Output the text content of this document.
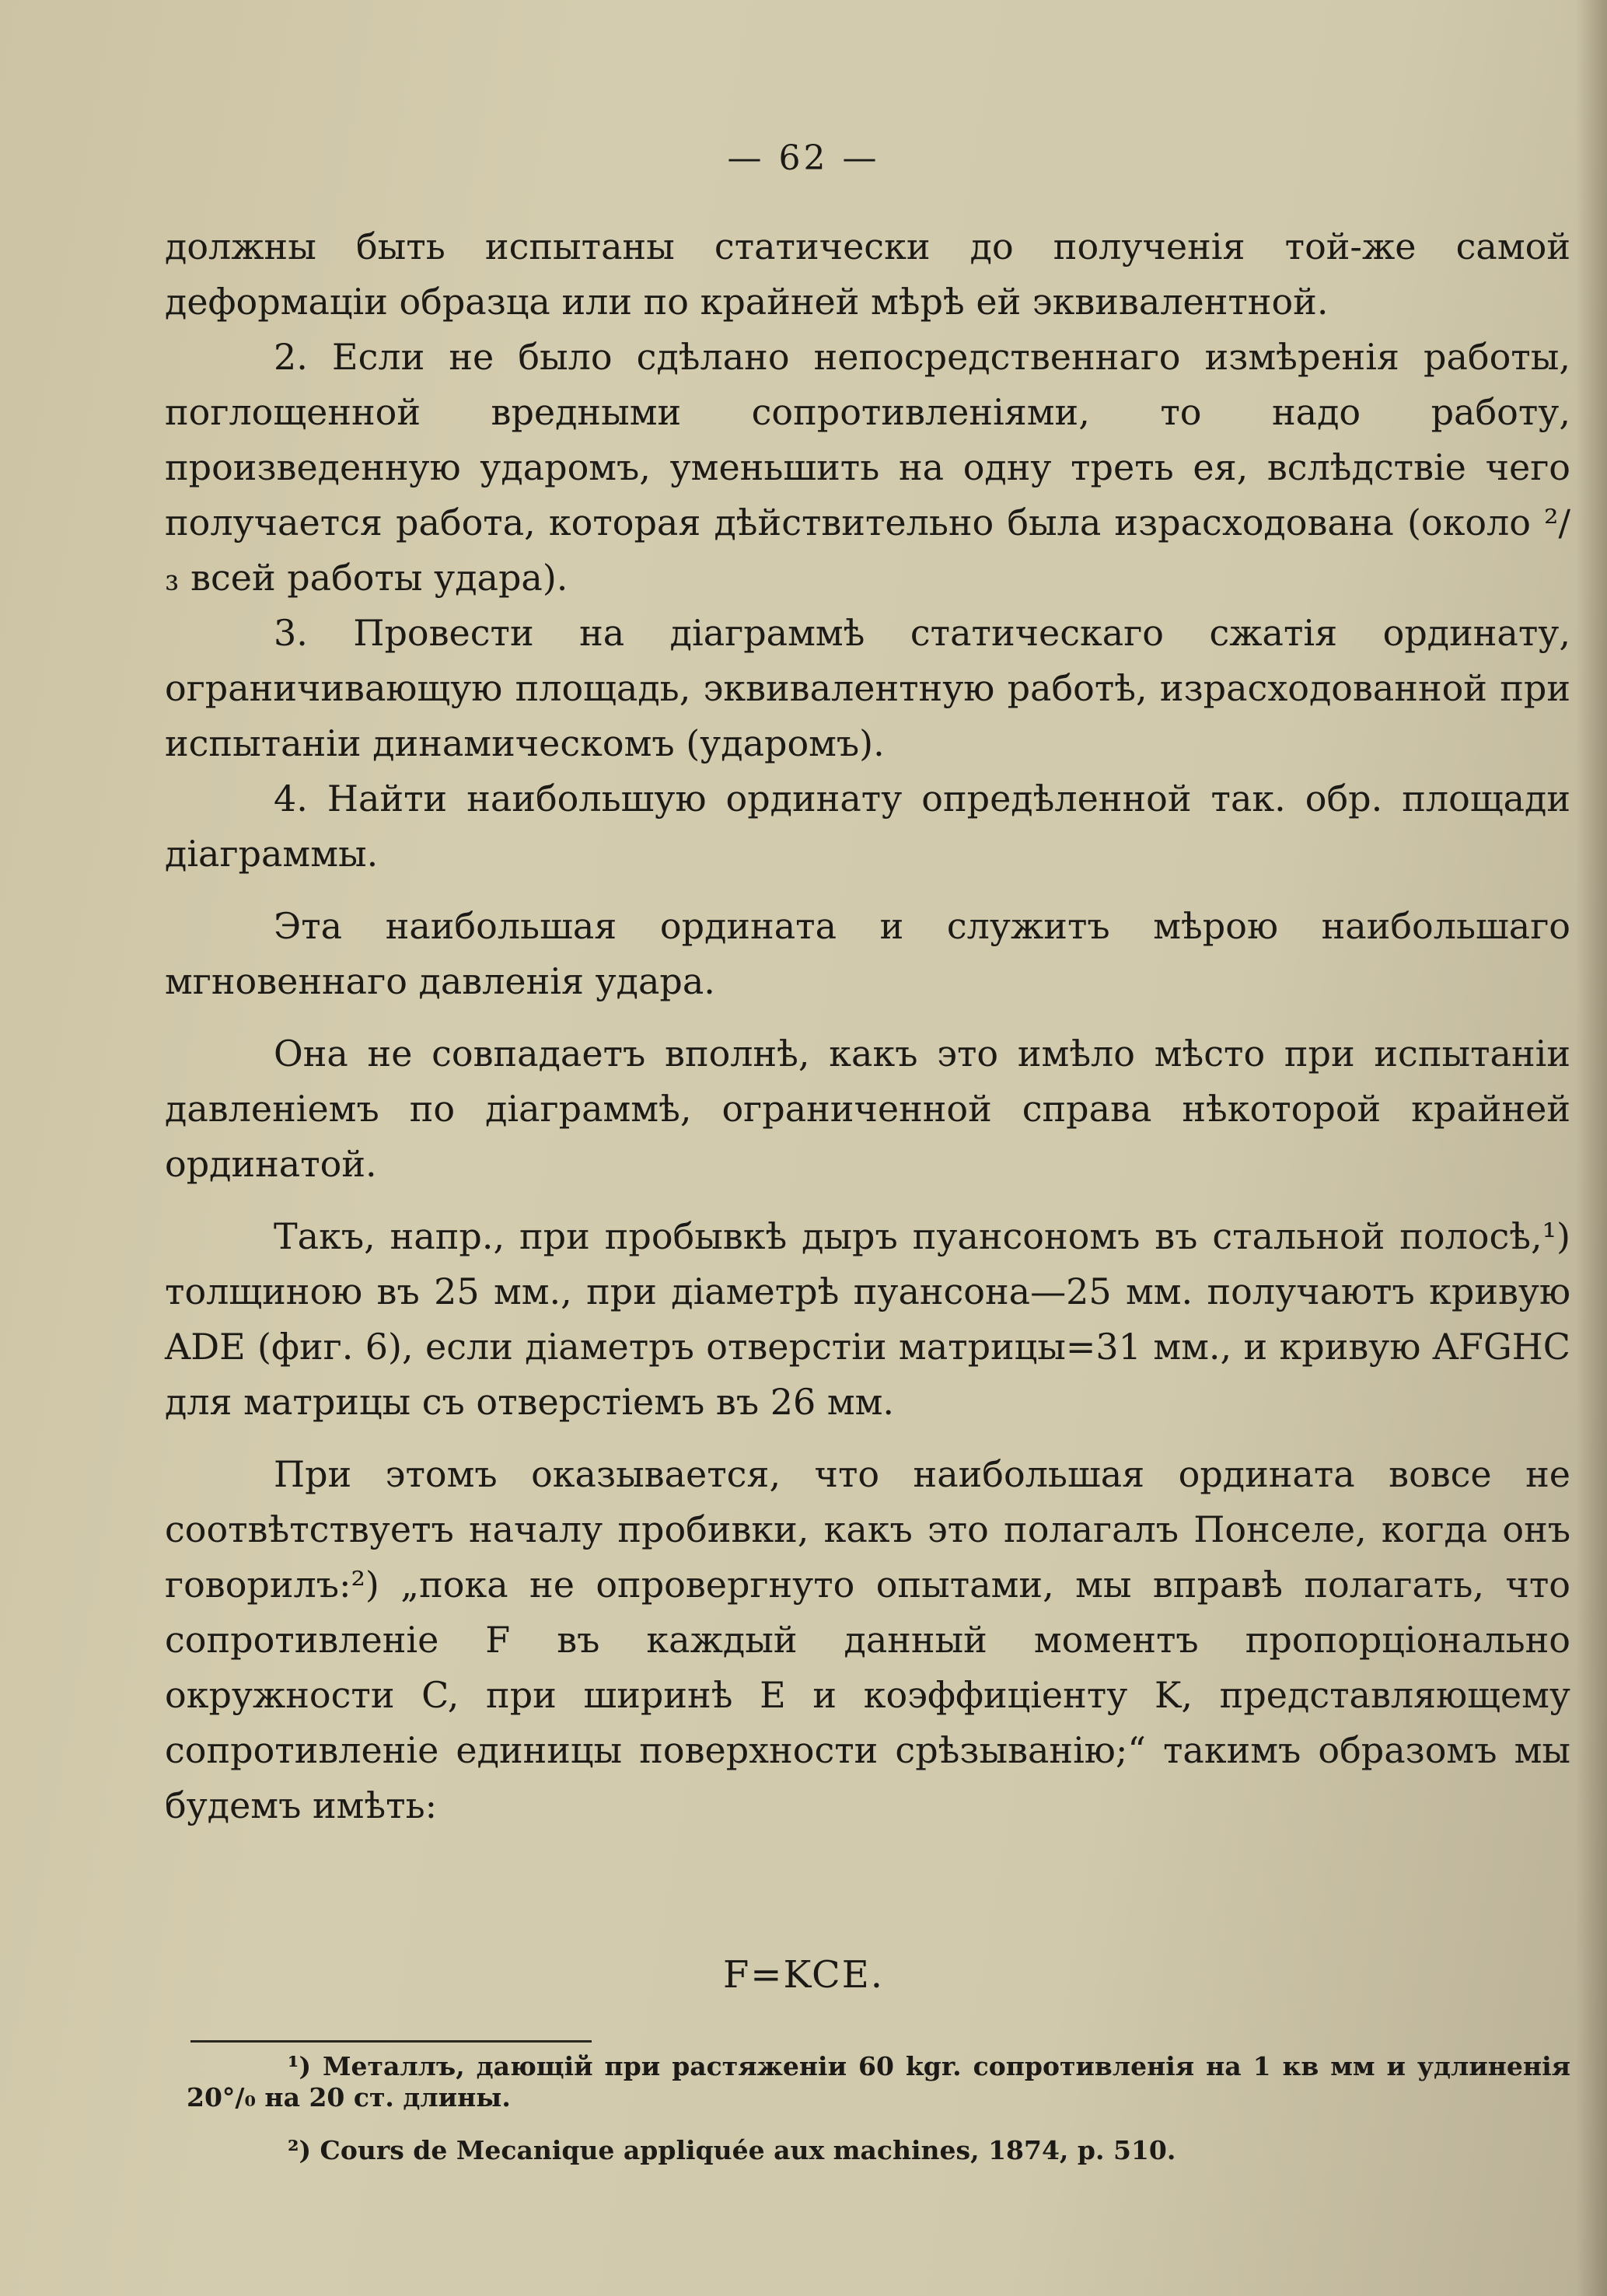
— 62 —

должны быть испытаны статически до полученія той-же самой деформаціи образца или по крайней мѣрѣ ей эквивалентной.

2. Если не было сдѣлано непосредственнаго измѣренія работы, поглощенной вредными сопротивленіями, то надо работу, произведенную ударомъ, уменьшить на одну треть ея, вслѣдствіе чего получается работа, которая дѣйствительно была израсходована (около ²/₃ всей работы удара).

3. Провести на діаграммѣ статическаго сжатія ординату, ограничивающую площадь, эквивалентную работѣ, израсходованной при испытаніи динамическомъ (ударомъ).

4. Найти наибольшую ординату опредѣленной так. обр. площади діаграммы.

Эта наибольшая ордината и служитъ мѣрою наибольшаго мгновеннаго давленія удара.

Она не совпадаетъ вполнѣ, какъ это имѣло мѣсто при испытаніи давленіемъ по діаграммѣ, ограниченной справа нѣкоторой крайней ординатой.

Такъ, напр., при пробывкѣ дыръ пуансономъ въ стальной полосѣ,¹) толщиною въ 25 мм., при діаметрѣ пуансона—25 мм. получаютъ кривую ADE (фиг. 6), если діаметръ отверстіи матрицы=31 мм., и кривую AFGHC для матрицы съ отверстіемъ въ 26 мм.

При этомъ оказывается, что наибольшая ордината вовсе не соотвѣтствуетъ началу пробивки, какъ это полагалъ Понселе, когда онъ говорилъ:²) „пока не опровергнуто опытами, мы вправѣ полагать, что сопротивленіе F въ каждый данный моментъ пропорціонально окружности C, при ширинѣ E и коэффиціенту K, представляющему сопротивленіе единицы поверхности срѣзыванію;“ такимъ образомъ мы будемъ имѣть:

F=KCE.

¹) Металлъ, дающій при растяженіи 60 kgr. сопротивленія на 1 кв мм и удлиненія 20°/₀ на 20 ст. длины.

²) Cours de Mecanique appliquée aux machines, 1874, p. 510.
